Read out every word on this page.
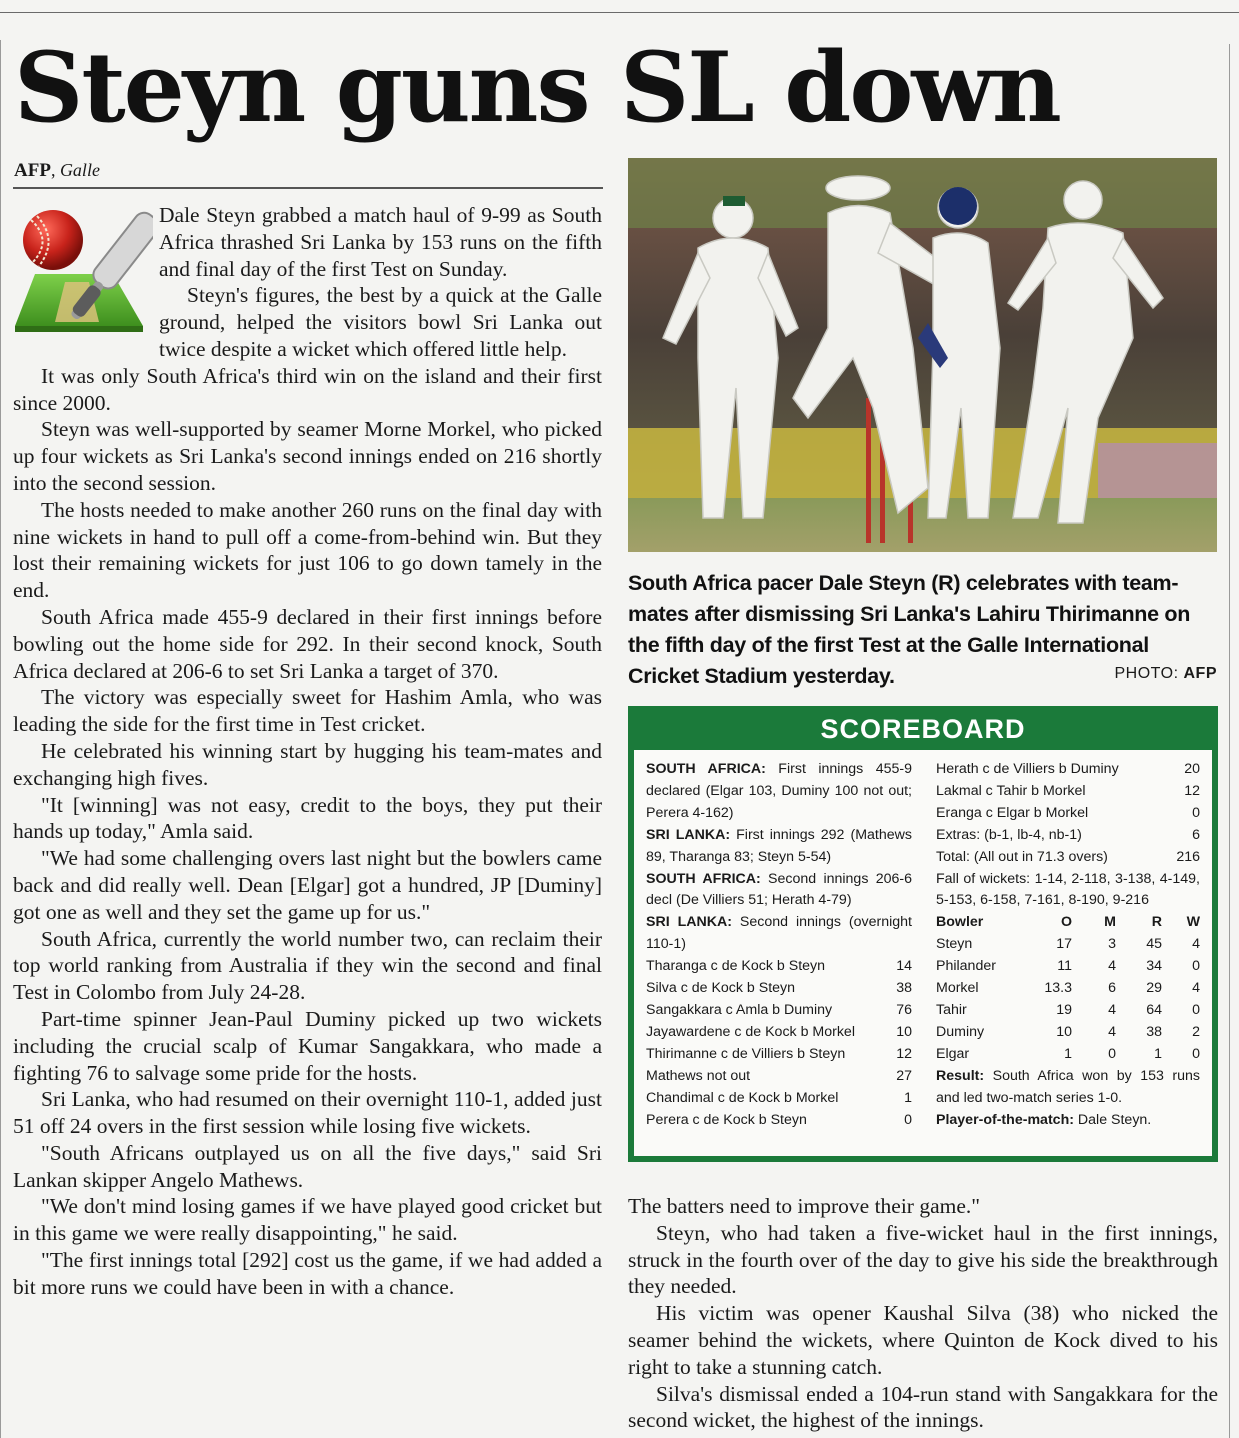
Steyn guns SL down
AFP, Galle

Dale Steyn grabbed a match haul of 9-99 as South Africa thrashed Sri Lanka by 153 runs on the fifth and final day of the first Test on Sunday.

Steyn's figures, the best by a quick at the Galle ground, helped the visitors bowl Sri Lanka out twice despite a wicket which offered little help.

It was only South Africa's third win on the island and their first since 2000.

Steyn was well-supported by seamer Morne Morkel, who picked up four wickets as Sri Lanka's second innings ended on 216 shortly into the second session.

The hosts needed to make another 260 runs on the final day with nine wickets in hand to pull off a come-from-behind win. But they lost their remaining wickets for just 106 to go down tamely in the end.

South Africa made 455-9 declared in their first innings before bowling out the home side for 292. In their second knock, South Africa declared at 206-6 to set Sri Lanka a target of 370.

The victory was especially sweet for Hashim Amla, who was leading the side for the first time in Test cricket.

He celebrated his winning start by hugging his team-mates and exchanging high fives.

"It [winning] was not easy, credit to the boys, they put their hands up today," Amla said.

"We had some challenging overs last night but the bowlers came back and did really well. Dean [Elgar] got a hundred, JP [Duminy] got one as well and they set the game up for us."

South Africa, currently the world number two, can reclaim their top world ranking from Australia if they win the second and final Test in Colombo from July 24-28.

Part-time spinner Jean-Paul Duminy picked up two wickets including the crucial scalp of Kumar Sangakkara, who made a fighting 76 to salvage some pride for the hosts.

Sri Lanka, who had resumed on their overnight 110-1, added just 51 off 24 overs in the first session while losing five wickets.

"South Africans outplayed us on all the five days," said Sri Lankan skipper Angelo Mathews.

"We don't mind losing games if we have played good cricket but in this game we were really disappointing," he said.

"The first innings total [292] cost us the game, if we had added a bit more runs we could have been in with a chance.

South Africa pacer Dale Steyn (R) celebrates with team-mates after dismissing Sri Lanka's Lahiru Thirimanne on the fifth day of the first Test at the Galle International Cricket Stadium yesterday.	PHOTO: AFP
SCOREBOARD

SOUTH AFRICA: First innings 455-9 declared (Elgar 103, Duminy 100 not out; Perera 4-162)

SRI LANKA: First innings 292 (Mathews 89, Tharanga 83; Steyn 5-54)

SOUTH AFRICA: Second innings 206-6 decl (De Villiers 51; Herath 4-79)

SRI LANKA: Second innings (overnight 110-1)

Tharanga c de Kock b Steyn	14
Silva c de Kock b Steyn	38
Sangakkara c Amla b Duminy	76
Jayawardene c de Kock b Morkel	10
Thirimanne c de Villiers b Steyn	12
Mathews not out	27
Chandimal c de Kock b Morkel	1
Perera c de Kock b Steyn	0
Herath c de Villiers b Duminy	20
Lakmal c Tahir b Morkel	12
Eranga c Elgar b Morkel	0
Extras: (b-1, lb-4, nb-1)	6
Total: (All out in 71.3 overs)	216

Fall of wickets: 1-14, 2-118, 3-138, 4-149, 5-153, 6-158, 7-161, 8-190, 9-216

Bowler	O	M	R	W
Steyn	17	3	45	4
Philander	11	4	34	0
Morkel	13.3	6	29	4
Tahir	19	4	64	0
Duminy	10	4	38	2
Elgar	1	0	1	0

Result: South Africa won by 153 runs and led two-match series 1-0.

Player-of-the-match: Dale Steyn.

The batters need to improve their game."

Steyn, who had taken a five-wicket haul in the first innings, struck in the fourth over of the day to give his side the breakthrough they needed.

His victim was opener Kaushal Silva (38) who nicked the seamer behind the wickets, where Quinton de Kock dived to his right to take a stunning catch.

Silva's dismissal ended a 104-run stand with Sangakkara for the second wicket, the highest of the innings.
